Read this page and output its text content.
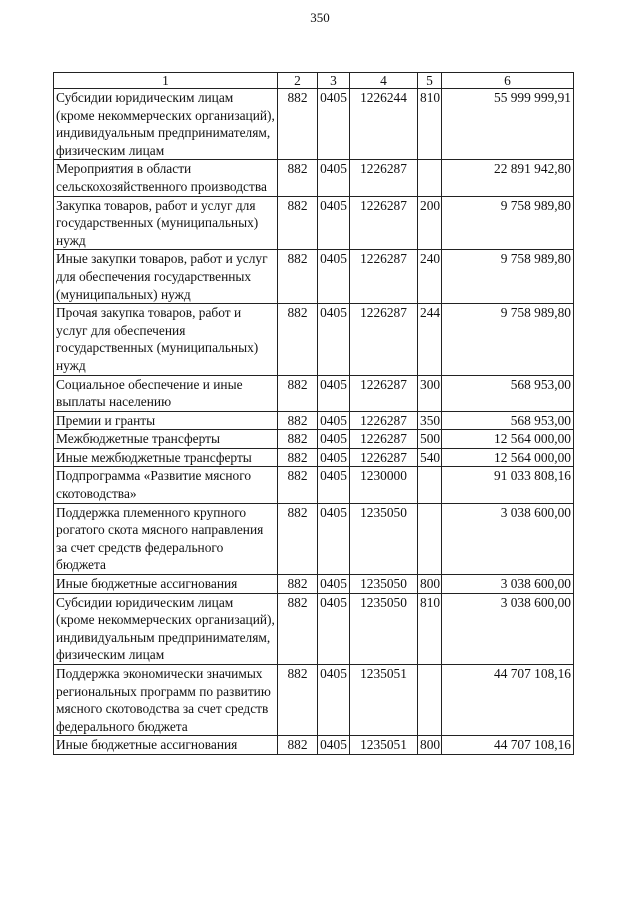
350
1	2	3	4	5	6
Субсидии юридическим лицам (кроме некоммерческих организаций), индивидуальным предпринимателям, физическим лицам	882	0405	1226244	810	55 999 999,91
Мероприятия в области сельскохозяйственного производства	882	0405	1226287		22 891 942,80
Закупка товаров, работ и услуг для государственных (муниципальных) нужд	882	0405	1226287	200	9 758 989,80
Иные закупки товаров, работ и услуг для обеспечения государственных (муниципальных) нужд	882	0405	1226287	240	9 758 989,80
Прочая закупка товаров, работ и услуг для обеспечения государственных (муниципальных) нужд	882	0405	1226287	244	9 758 989,80
Социальное обеспечение и иные выплаты населению	882	0405	1226287	300	568 953,00
Премии и гранты	882	0405	1226287	350	568 953,00
Межбюджетные трансферты	882	0405	1226287	500	12 564 000,00
Иные межбюджетные трансферты	882	0405	1226287	540	12 564 000,00
Подпрограмма «Развитие мясного скотоводства»	882	0405	1230000		91 033 808,16
Поддержка племенного крупного рогатого скота мясного направления за счет средств федерального бюджета	882	0405	1235050		3 038 600,00
Иные бюджетные ассигнования	882	0405	1235050	800	3 038 600,00
Субсидии юридическим лицам (кроме некоммерческих организаций), индивидуальным предпринимателям, физическим лицам	882	0405	1235050	810	3 038 600,00
Поддержка экономически значимых региональных программ по развитию мясного скотоводства за счет средств федерального бюджета	882	0405	1235051		44 707 108,16
Иные бюджетные ассигнования	882	0405	1235051	800	44 707 108,16
